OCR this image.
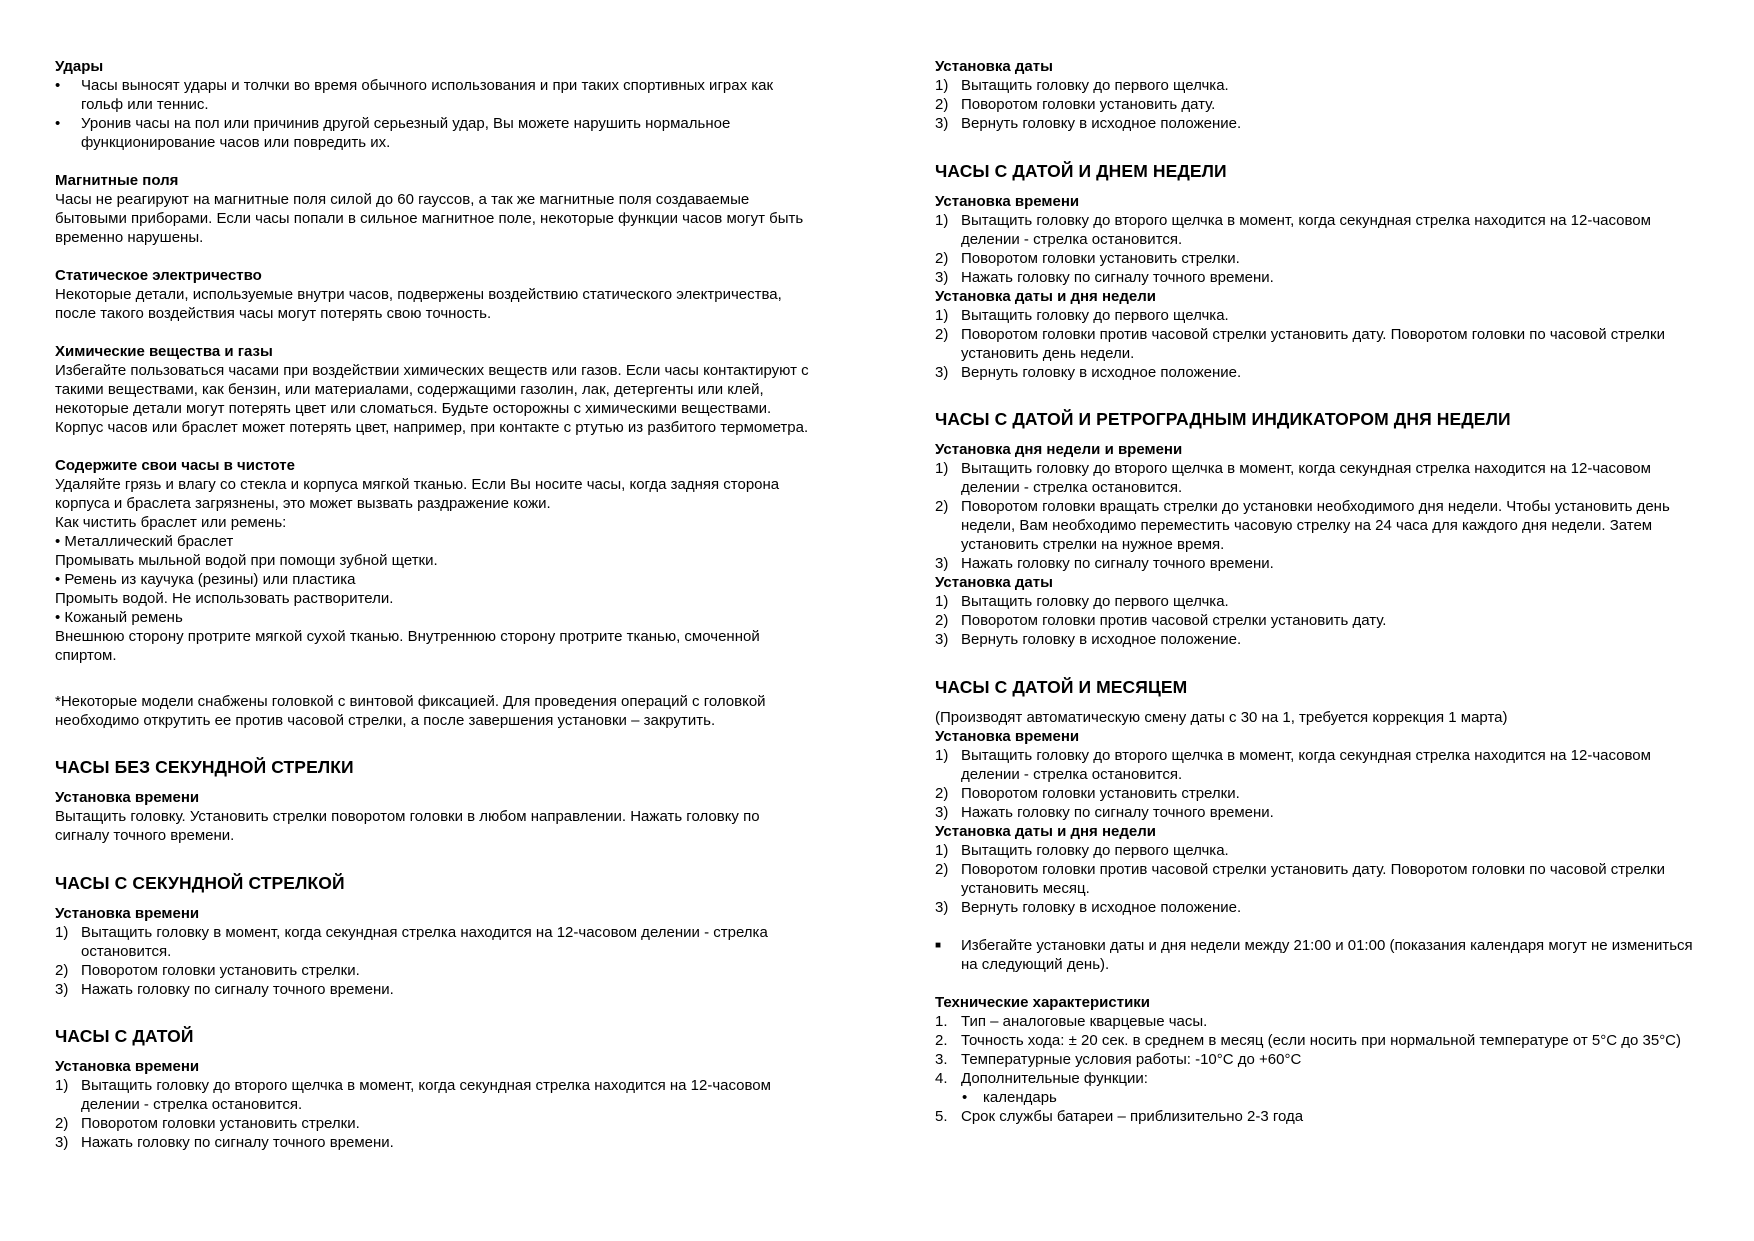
Удары
• Часы выносят удары и толчки во время обычного использования и при таких спортивных играх как гольф или теннис.
• Уронив часы на пол или причинив другой серьезный удар, Вы можете нарушить нормальное функционирование часов или повредить их.
Магнитные поля
Часы не реагируют на магнитные поля силой до 60 гауссов, а так же магнитные поля создаваемые бытовыми приборами. Если часы попали в сильное магнитное поле, некоторые функции часов могут быть временно нарушены.
Статическое электричество
Некоторые детали, используемые внутри часов, подвержены воздействию статического электричества, после такого воздействия часы могут потерять свою точность.
Химические вещества и газы
Избегайте пользоваться часами при воздействии химических веществ или газов. Если часы контактируют с такими веществами, как бензин, или материалами, содержащими газолин, лак, детергенты или клей, некоторые детали могут потерять цвет или сломаться. Будьте осторожны с химическими веществами. Корпус часов или браслет может потерять цвет, например, при контакте с ртутью из разбитого термометра.
Содержите свои часы в чистоте
Удаляйте грязь и влагу со стекла и корпуса мягкой тканью. Если Вы носите часы, когда задняя сторона корпуса и браслета загрязнены, это может вызвать раздражение кожи.
Как чистить браслет или ремень:
• Металлический браслет
Промывать мыльной водой при помощи зубной щетки.
• Ремень из каучука (резины) или пластика
Промыть водой. Не использовать растворители.
• Кожаный ремень
Внешнюю сторону протрите мягкой сухой тканью. Внутреннюю сторону протрите тканью, смоченной спиртом.
*Некоторые модели снабжены головкой с винтовой фиксацией. Для проведения операций с головкой необходимо открутить ее против часовой стрелки, а после завершения установки – закрутить.
ЧАСЫ БЕЗ СЕКУНДНОЙ СТРЕЛКИ
Установка времени
Вытащить головку. Установить стрелки поворотом головки в любом направлении. Нажать головку по сигналу точного времени.
ЧАСЫ С СЕКУНДНОЙ СТРЕЛКОЙ
Установка времени
1) Вытащить головку в момент, когда секундная стрелка находится на 12-часовом делении - стрелка остановится.
2) Поворотом головки установить стрелки.
3) Нажать головку по сигналу точного времени.
ЧАСЫ С ДАТОЙ
Установка времени
1) Вытащить головку до второго щелчка в момент, когда секундная стрелка находится на 12-часовом делении - стрелка остановится.
2) Поворотом головки установить стрелки.
3) Нажать головку по сигналу точного времени.
Установка даты
1) Вытащить головку до первого щелчка.
2) Поворотом головки установить дату.
3) Вернуть головку в исходное положение.
ЧАСЫ С ДАТОЙ И ДНЕМ НЕДЕЛИ
Установка времени
1) Вытащить головку до второго щелчка в момент, когда секундная стрелка находится на 12-часовом делении - стрелка остановится.
2) Поворотом головки установить стрелки.
3) Нажать головку по сигналу точного времени.
Установка даты и дня недели
1) Вытащить головку до первого щелчка.
2) Поворотом головки против часовой стрелки установить дату. Поворотом головки по часовой стрелки установить день недели.
3) Вернуть головку в исходное положение.
ЧАСЫ С ДАТОЙ И РЕТРОГРАДНЫМ ИНДИКАТОРОМ ДНЯ НЕДЕЛИ
Установка дня недели и времени
1) Вытащить головку до второго щелчка в момент, когда секундная стрелка находится на 12-часовом делении - стрелка остановится.
2) Поворотом головки вращать стрелки до установки необходимого дня недели. Чтобы установить день недели, Вам необходимо переместить часовую стрелку на 24 часа для каждого дня недели. Затем установить стрелки на нужное время.
3) Нажать головку по сигналу точного времени.
Установка даты
1) Вытащить головку до первого щелчка.
2) Поворотом головки против часовой стрелки установить дату.
3) Вернуть головку в исходное положение.
ЧАСЫ С ДАТОЙ И МЕСЯЦЕМ
(Производят автоматическую смену даты с 30 на 1, требуется коррекция 1 марта)
Установка времени
1) Вытащить головку до второго щелчка в момент, когда секундная стрелка находится на 12-часовом делении - стрелка остановится.
2) Поворотом головки установить стрелки.
3) Нажать головку по сигналу точного времени.
Установка даты и дня недели
1) Вытащить головку до первого щелчка.
2) Поворотом головки против часовой стрелки установить дату. Поворотом головки по часовой стрелки установить месяц.
3) Вернуть головку в исходное положение.
■ Избегайте установки даты и дня недели между 21:00 и 01:00 (показания календаря могут не измениться на следующий день).
Технические характеристики
1. Тип – аналоговые кварцевые часы.
2. Точность хода: ± 20 сек. в среднем в месяц (если носить при нормальной температуре от 5°С до 35°С)
3. Температурные условия работы: -10°С до +60°С
4. Дополнительные функции:
• календарь
5. Срок службы батареи – приблизительно 2-3 года
